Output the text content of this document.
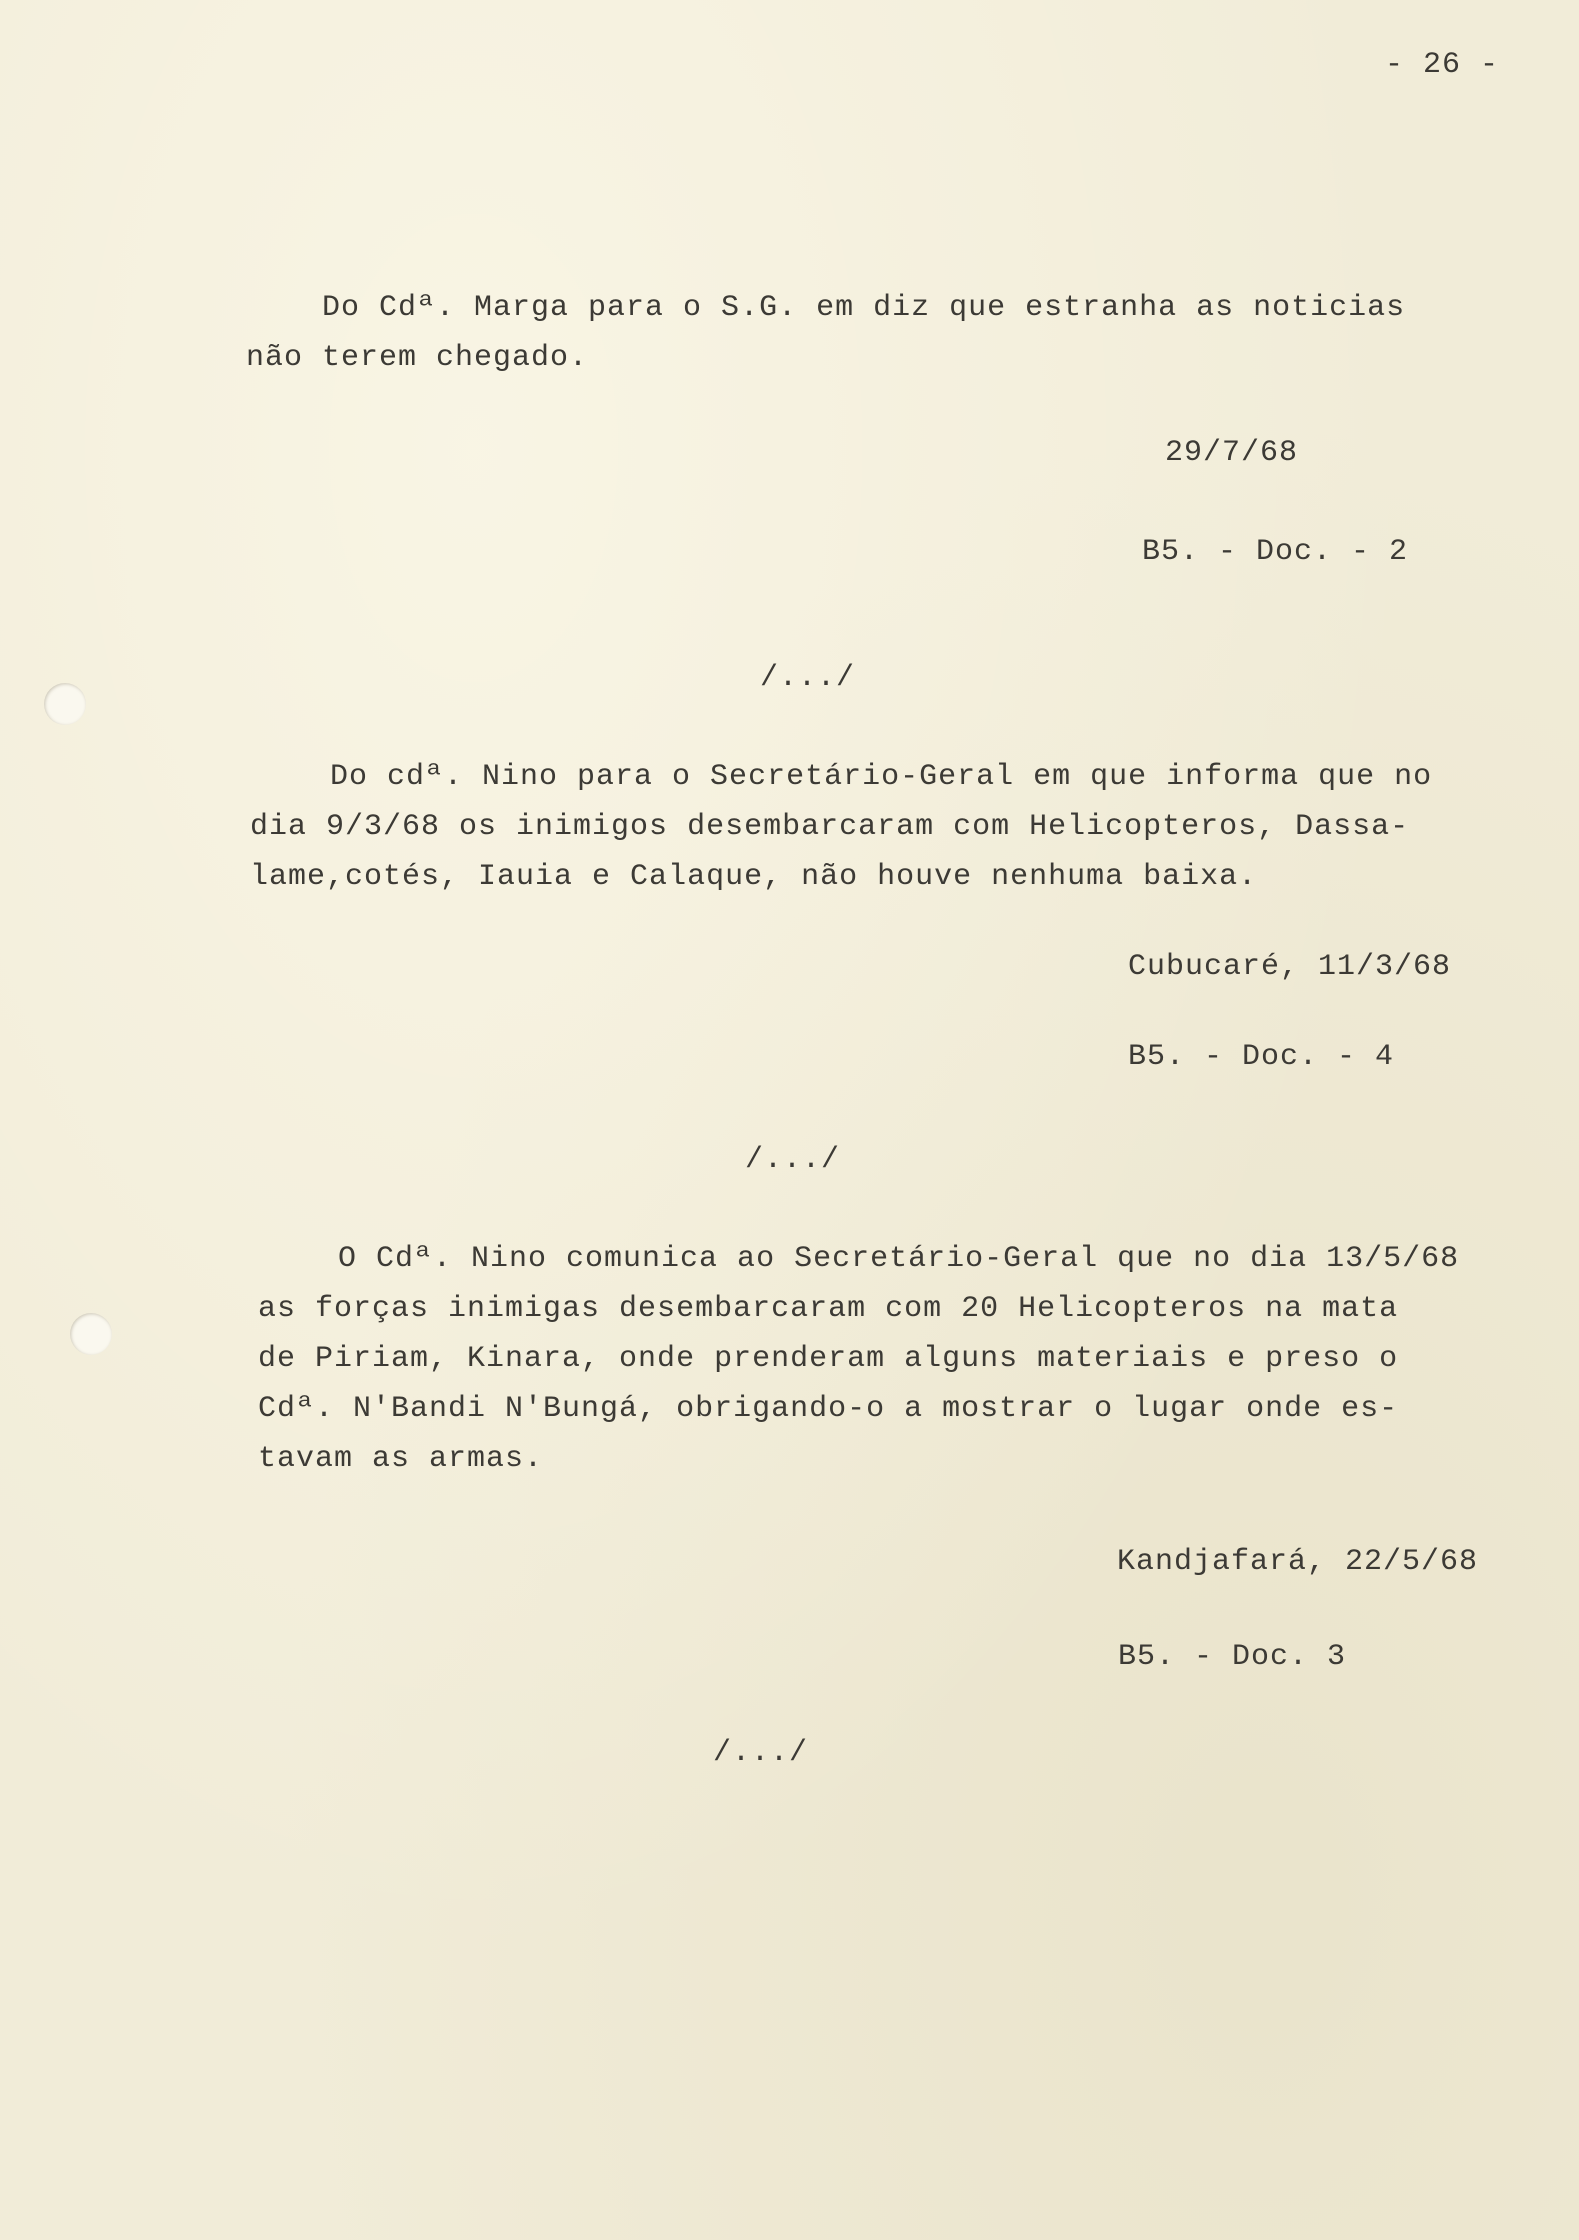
- 26 -
Do Cdª. Marga para o S.G. em diz que estranha as noticias
não terem chegado.
29/7/68
B5. - Doc. - 2
/.../
Do cdª. Nino para o Secretário-Geral em que informa que no
dia 9/3/68 os inimigos desembarcaram com Helicopteros, Dassa-
lame,cotés, Iauia e Calaque, não houve nenhuma baixa.
Cubucaré, 11/3/68
B5. - Doc. - 4
/.../
O Cdª. Nino comunica ao Secretário-Geral que no dia 13/5/68
as forças inimigas desembarcaram com 20 Helicopteros na mata
de Piriam, Kinara, onde prenderam alguns materiais e preso o
Cdª. N'Bandi N'Bungá, obrigando-o a mostrar o lugar onde es-
tavam as armas.
Kandjafará, 22/5/68
B5. - Doc. 3
/.../
